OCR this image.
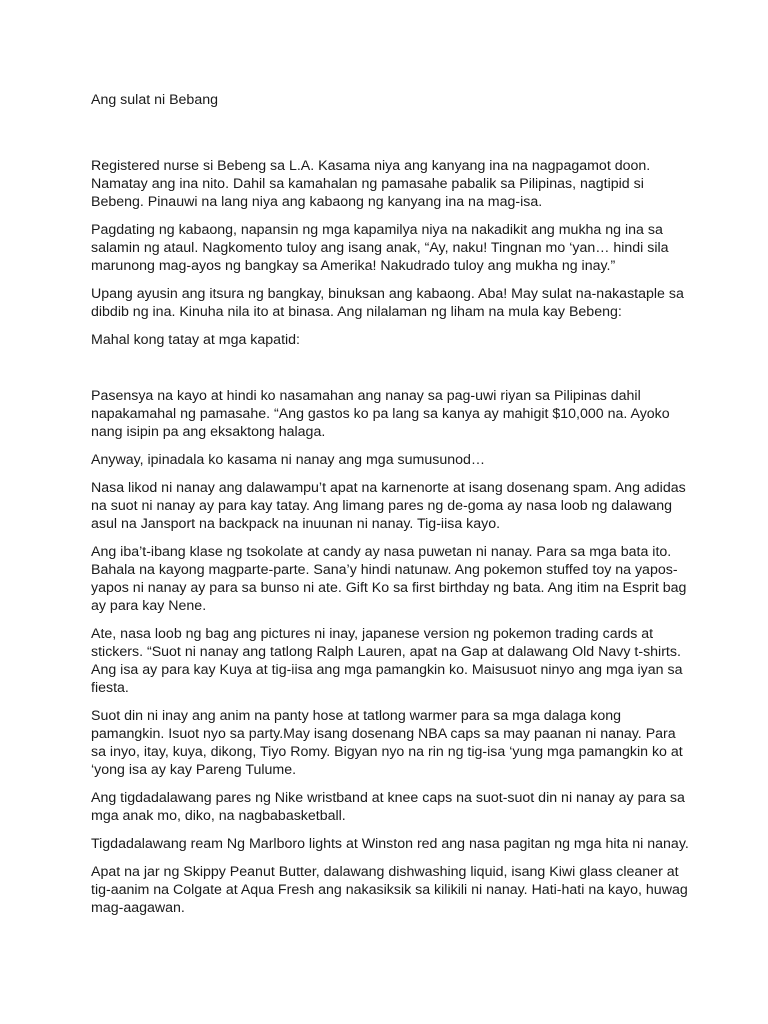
Ang sulat ni Bebang

Registered nurse si Bebeng sa L.A. Kasama niya ang kanyang ina na nagpagamot doon. Namatay ang ina nito. Dahil sa kamahalan ng pamasahe pabalik sa Pilipinas, nagtipid si Bebeng. Pinauwi na lang niya ang kabaong ng kanyang ina na mag-isa.

Pagdating ng kabaong, napansin ng mga kapamilya niya na nakadikit ang mukha ng ina sa salamin ng ataul. Nagkomento tuloy ang isang anak, “Ay, naku! Tingnan mo ‘yan… hindi sila marunong mag-ayos ng bangkay sa Amerika! Nakudrado tuloy ang mukha ng inay.”

Upang ayusin ang itsura ng bangkay, binuksan ang kabaong. Aba! May sulat na-nakastaple sa dibdib ng ina. Kinuha nila ito at binasa. Ang nilalaman ng liham na mula kay Bebeng:

Mahal kong tatay at mga kapatid:

Pasensya na kayo at hindi ko nasamahan ang nanay sa pag-uwi riyan sa Pilipinas dahil napakamahal ng pamasahe. “Ang gastos ko pa lang sa kanya ay mahigit $10,000 na. Ayoko nang isipin pa ang eksaktong halaga.

Anyway, ipinadala ko kasama ni nanay ang mga sumusunod…

Nasa likod ni nanay ang dalawampu’t apat na karnenorte at isang dosenang spam. Ang adidas na suot ni nanay ay para kay tatay. Ang limang pares ng de-goma ay nasa loob ng dalawang asul na Jansport na backpack na inuunan ni nanay. Tig-iisa kayo.

Ang iba’t-ibang klase ng tsokolate at candy ay nasa puwetan ni nanay. Para sa mga bata ito. Bahala na kayong magparte-parte. Sana’y hindi natunaw. Ang pokemon stuffed toy na yapos-yapos ni nanay ay para sa bunso ni ate. Gift Ko sa first birthday ng bata. Ang itim na Esprit bag ay para kay Nene.

Ate, nasa loob ng bag ang pictures ni inay, japanese version ng pokemon trading cards at stickers. “Suot ni nanay ang tatlong Ralph Lauren, apat na Gap at dalawang Old Navy t-shirts. Ang isa ay para kay Kuya at tig-iisa ang mga pamangkin ko. Maisusuot ninyo ang mga iyan sa fiesta.

Suot din ni inay ang anim na panty hose at tatlong warmer para sa mga dalaga kong pamangkin. Isuot nyo sa party.May isang dosenang NBA caps sa may paanan ni nanay. Para sa inyo, itay, kuya, dikong, Tiyo Romy. Bigyan nyo na rin ng tig-isa ‘yung mga pamangkin ko at ‘yong isa ay kay Pareng Tulume.

Ang tigdadalawang pares ng Nike wristband at knee caps na suot-suot din ni nanay ay para sa mga anak mo, diko, na nagbabasketball.

Tigdadalawang ream Ng Marlboro lights at Winston red ang nasa pagitan ng mga hita ni nanay.

Apat na jar ng Skippy Peanut Butter, dalawang dishwashing liquid, isang Kiwi glass cleaner at tig-aanim na Colgate at Aqua Fresh ang nakasiksik sa kilikili ni nanay. Hati-hati na kayo, huwag mag-aagawan.
